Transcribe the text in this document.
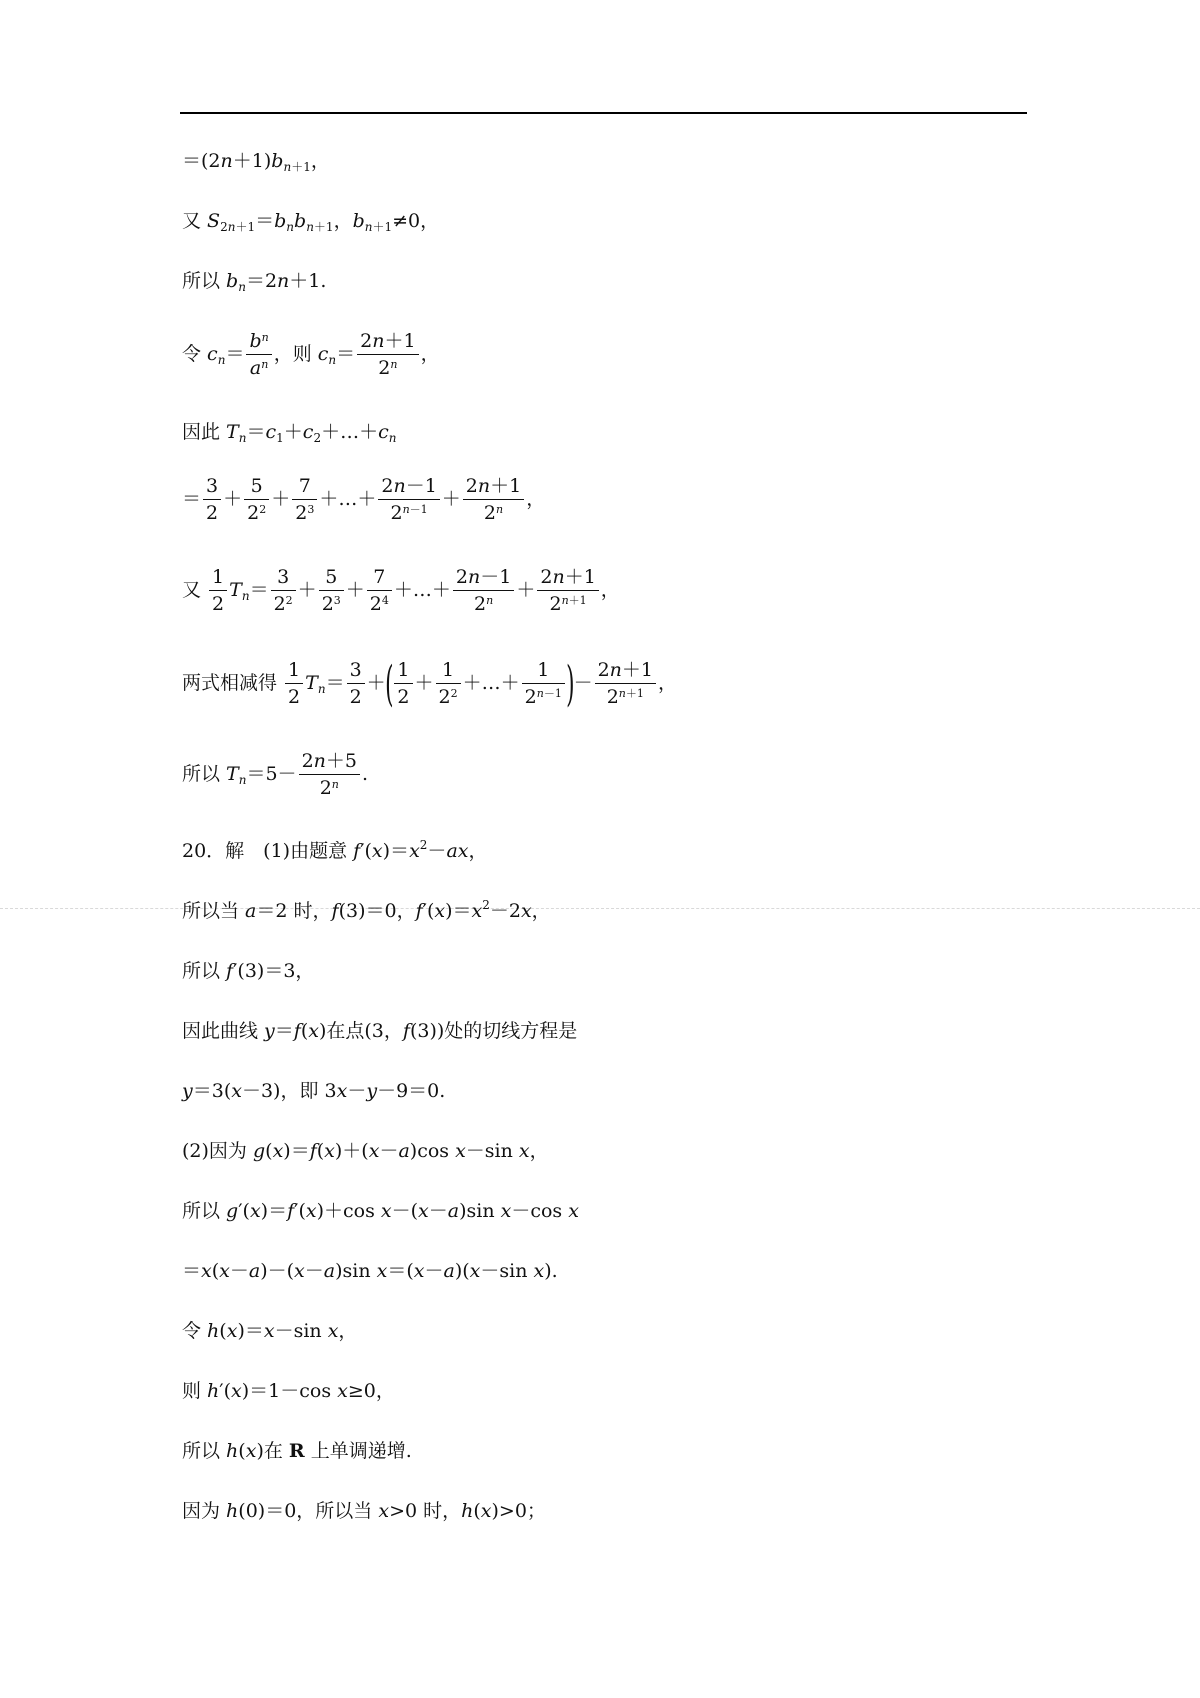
$=(2n+1)b_{n+1}$，
又 $S_{2n+1}=b_nb_{n+1}$，$b_{n+1}\ne 0$，
所以 $b_n=2n+1$.
令 $c_n= \frac{b^n}{a^n}$ ，则 $c_n= \frac{2n+1}{2^n}$ ，
因此 $T_n=c_1+c_2+\dots+c_n$
＝ $\frac{3}{2} + \frac{5}{2^2} + \frac{7}{2^3}$ ＋…＋ $\frac{2n-1}{2^{n-1}} + \frac{2n+1}{2^n}$ ，
又 $\frac{1}{2} T_n= \frac{3}{2^2} + \frac{5}{2^3} + \frac{7}{2^4}$ ＋…＋ $\frac{2n-1}{2^n} + \frac{2n+1}{2^{n+1}}$ ，
两式相减得 $\frac{1}{2} T_n= \frac{3}{2}$ ＋( $\frac{1}{2} + \frac{1}{2^2}$ ＋…＋ $\frac{1}{2^{n-1}}$ )－ $\frac{2n+1}{2^{n+1}}$ ，
所以 $T_n=5- \frac{2n+5}{2^n}$ .
20．解　(1)由题意 $f'(x)=x^2-ax$，
所以当 a＝2 时，f(3)＝0，$f'(x)=x^2-2x$，
所以 f′(3)＝3，
因此曲线 y＝f(x)在点(3，f(3))处的切线方程是
y＝3(x－3)，即 3x－y－9＝0.
(2)因为 g(x)＝f(x)＋(x－a)cos x－sin x，
所以 g′(x)＝f′(x)＋cos x－(x－a)sin x－cos x
＝x(x－a)－(x－a)sin x＝(x－a)(x－sin x).
令 h(x)＝x－sin x，
则 h′(x)＝1－cos x≥0，
所以 h(x)在 R 上单调递增.
因为 h(0)＝0，所以当 x>0 时，h(x)>0；
